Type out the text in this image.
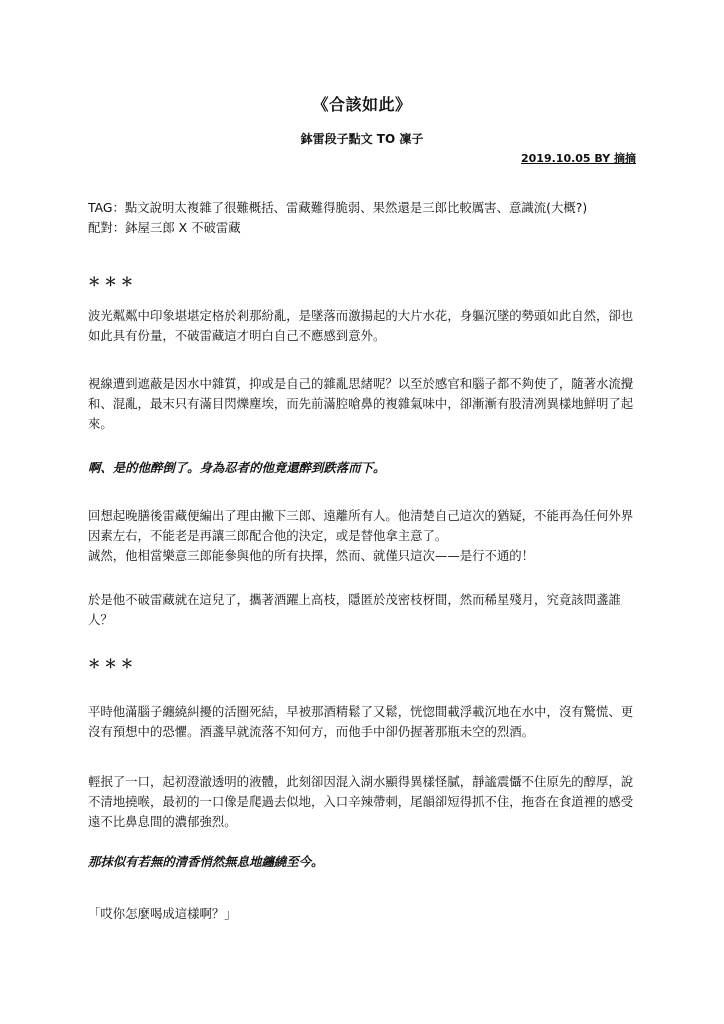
《合該如此》
鉢雷段子點文 TO 凜子
2019.10.05 BY 摘摘
TAG：點文說明太複雜了很難概括、雷藏難得脆弱、果然還是三郎比較厲害、意識流(大概?)
配對：鉢屋三郎 X 不破雷藏
＊＊＊
波光粼粼中印象堪堪定格於剎那紛亂，是墜落而激揚起的大片水花，身軀沉墜的勢頭如此自然，卻也如此具有份量，不破雷藏這才明白自己不應感到意外。
視線遭到遮蔽是因水中雜質，抑或是自己的雜亂思緒呢？以至於感官和腦子都不夠使了，隨著水流攪和、混亂，最末只有滿目閃爍塵埃，而先前滿腔嗆鼻的複雜氣味中，卻漸漸有股清冽異樣地鮮明了起來。
啊、是的他醉倒了。身為忍者的他竟還醉到跌落而下。

回想起晚膳後雷藏便編出了理由撇下三郎、遠離所有人。他清楚自己這次的猶疑，不能再為任何外界因素左右，不能老是再讓三郎配合他的決定，或是替他拿主意了。

誠然，他相當樂意三郎能參與他的所有抉擇，然而、就僅只這次——是行不通的！

於是他不破雷藏就在這兒了，攜著酒躍上高枝，隱匿於茂密枝枒間，然而稀星殘月，究竟該問盞誰人？
＊＊＊
平時他滿腦子纏繞糾擾的活圈死結，早被那酒精鬆了又鬆，恍惚間載浮載沉地在水中，沒有驚慌、更沒有預想中的恐懼。酒盞早就流落不知何方，而他手中卻仍握著那瓶未空的烈酒。
輕抿了一口，起初澄澈透明的液體，此刻卻因混入湖水顯得異樣怪膩，靜謐震懾不住原先的醇厚，說不清地撓喉，最初的一口像是爬過去似地，入口辛辣帶刺，尾韻卻短得抓不住，拖沓在食道裡的感受遠不比鼻息間的濃郁強烈。
那抹似有若無的清香悄然無息地纏繞至今。
「哎你怎麼喝成這樣啊？」
